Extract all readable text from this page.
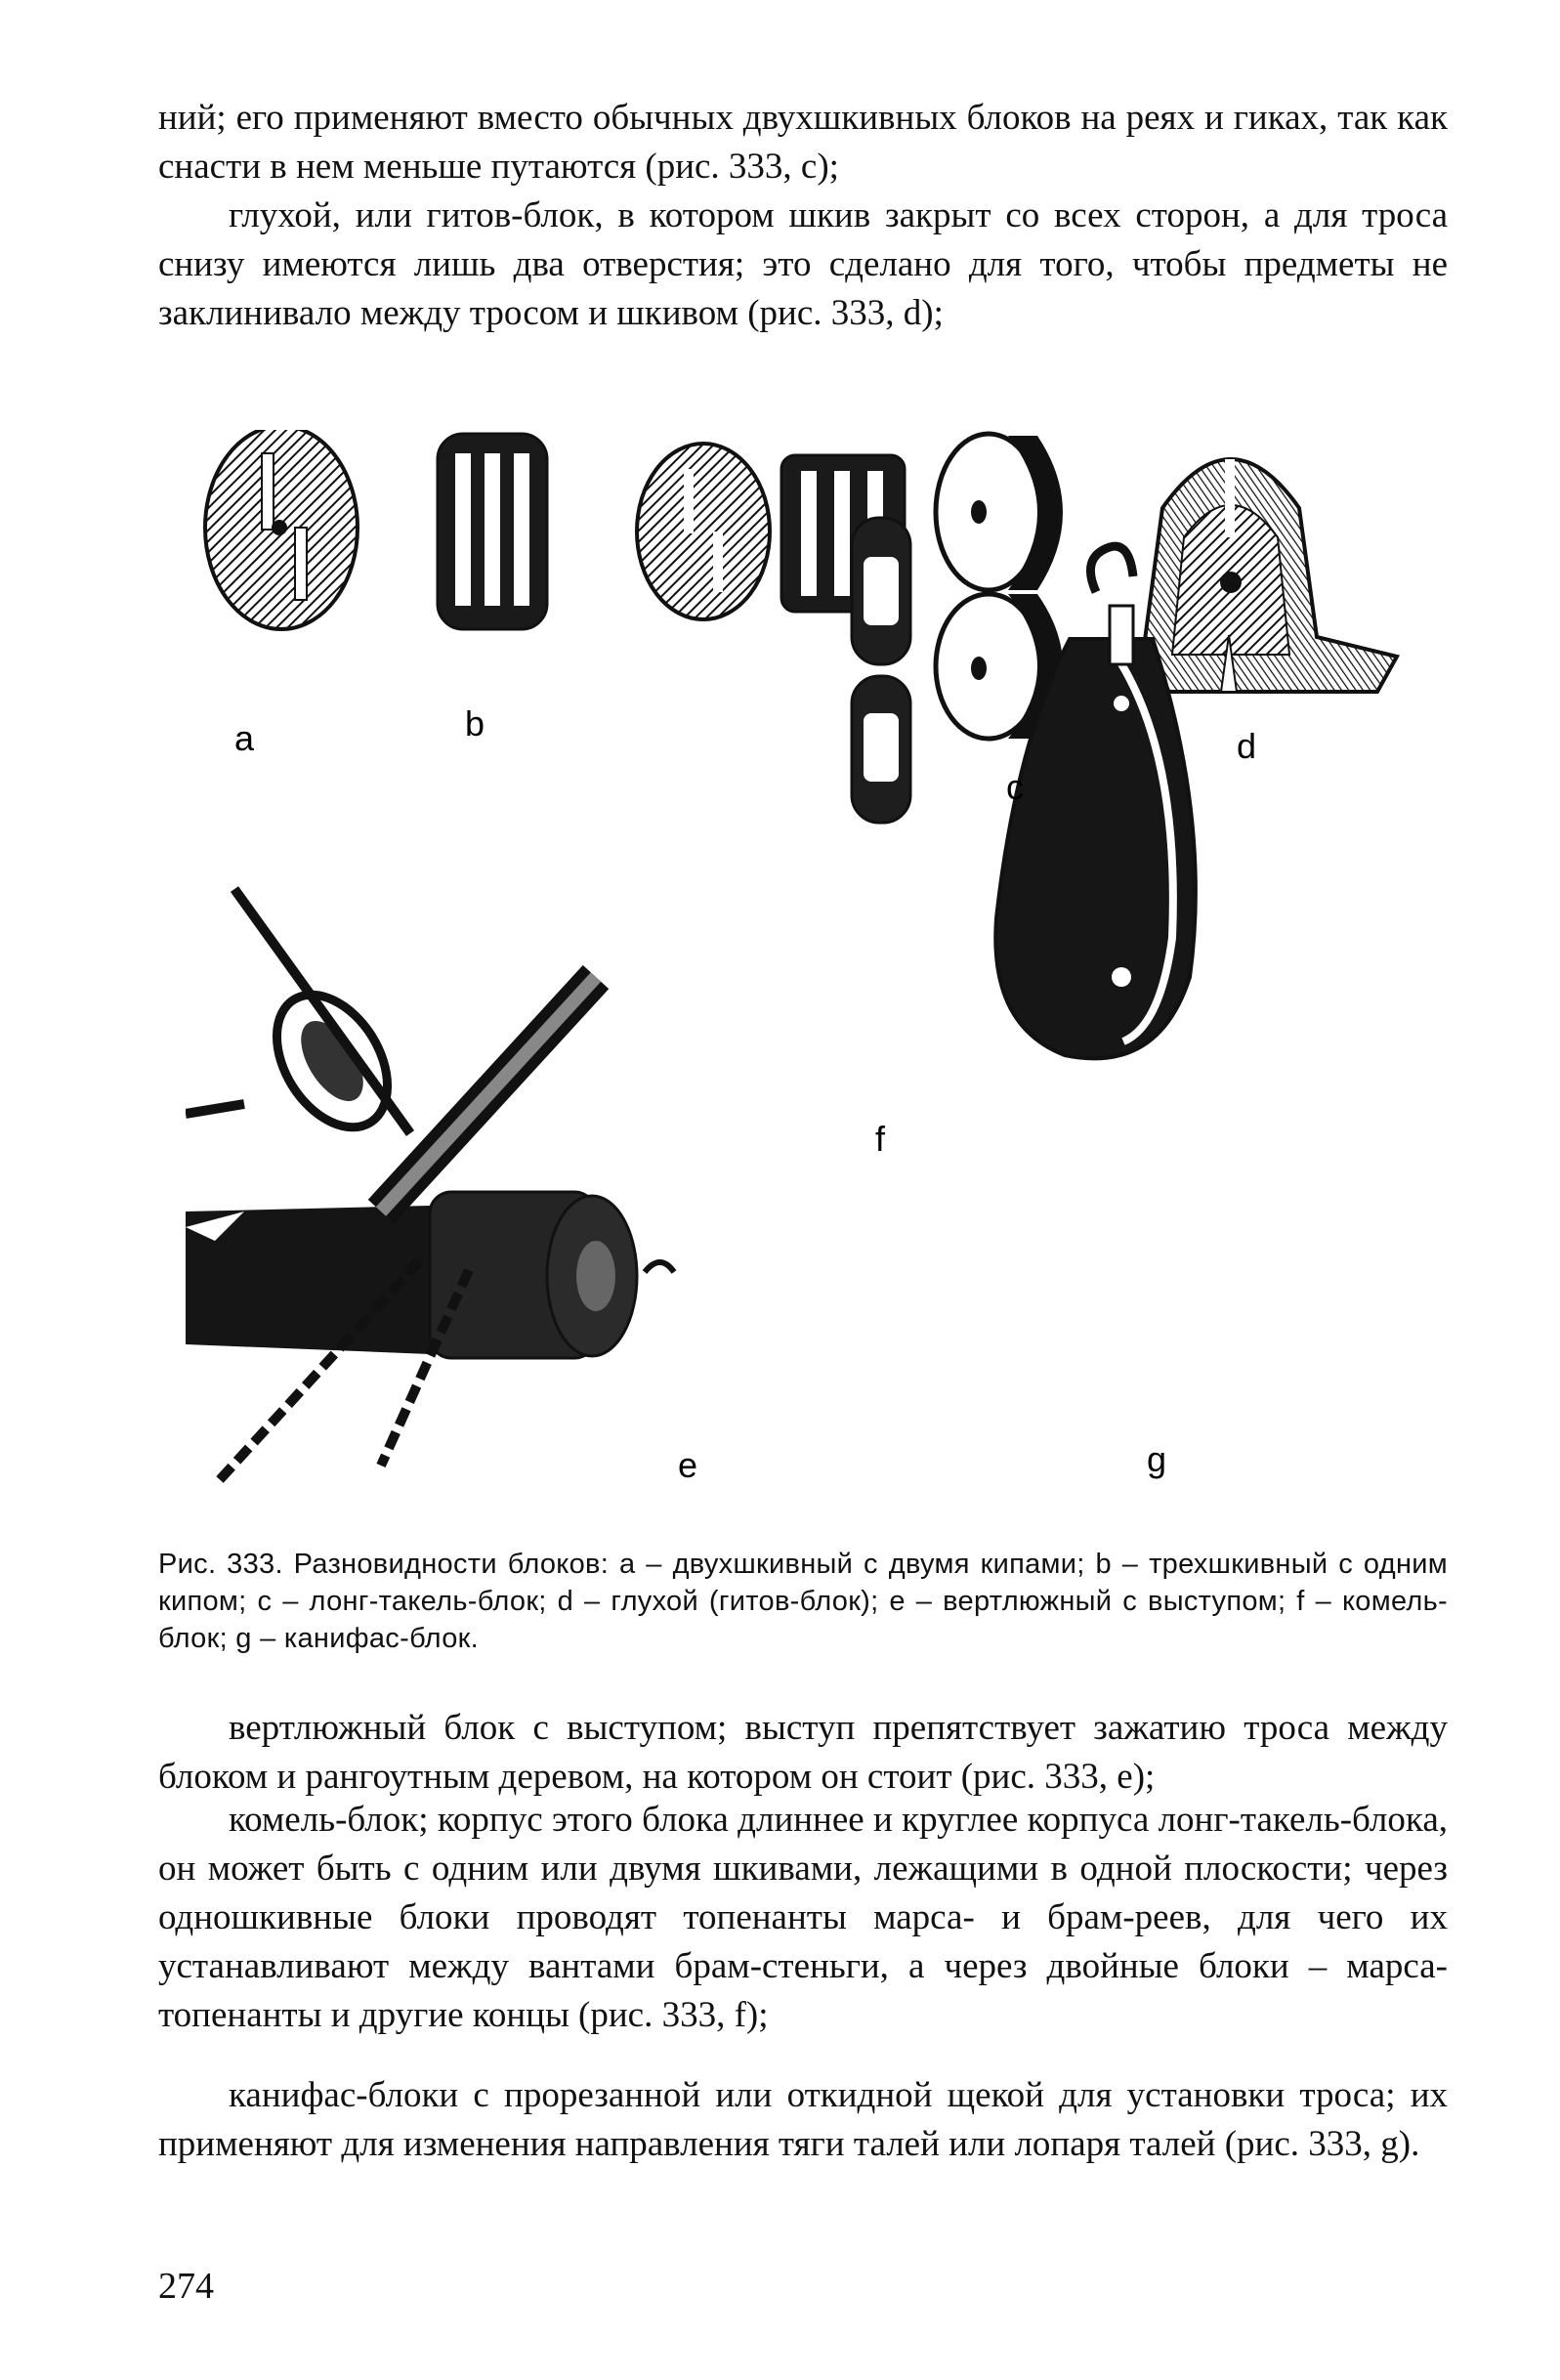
ний; его применяют вместо обычных двухшкивных блоков на реях и гиках, так как снасти в нем меньше путаются (рис. 333, c);

глухой, или гитов-блок, в котором шкив закрыт со всех сторон, а для троса снизу имеются лишь два отверстия; это сделано для того, чтобы предметы не заклинивало между тросом и шкивом (рис. 333, d);

a	b
c
d
e
f
g

Рис. 333. Разновидности блоков: a – двухшкивный с двумя кипами; b – трехшкивный с одним кипом; c – лонг-такель-блок; d – глухой (гитов-блок); e – вертлюжный с выступом; f – комель-блок; g – канифас-блок.

вертлюжный блок с выступом; выступ препятствует зажатию троса между блоком и рангоутным деревом, на котором он стоит (рис. 333, e);

комель-блок; корпус этого блока длиннее и круглее корпуса лонг-такель-блока, он может быть с одним или двумя шкивами, лежащими в одной плоскости; через одношкивные блоки проводят топенанты марса- и брам-реев, для чего их устанавливают между вантами брам-стеньги, а через двойные блоки – марса-топенанты и другие концы (рис. 333, f);

канифас-блоки с прорезанной или откидной щекой для установки троса; их применяют для изменения направления тяги талей или лопаря талей (рис. 333, g).

274
